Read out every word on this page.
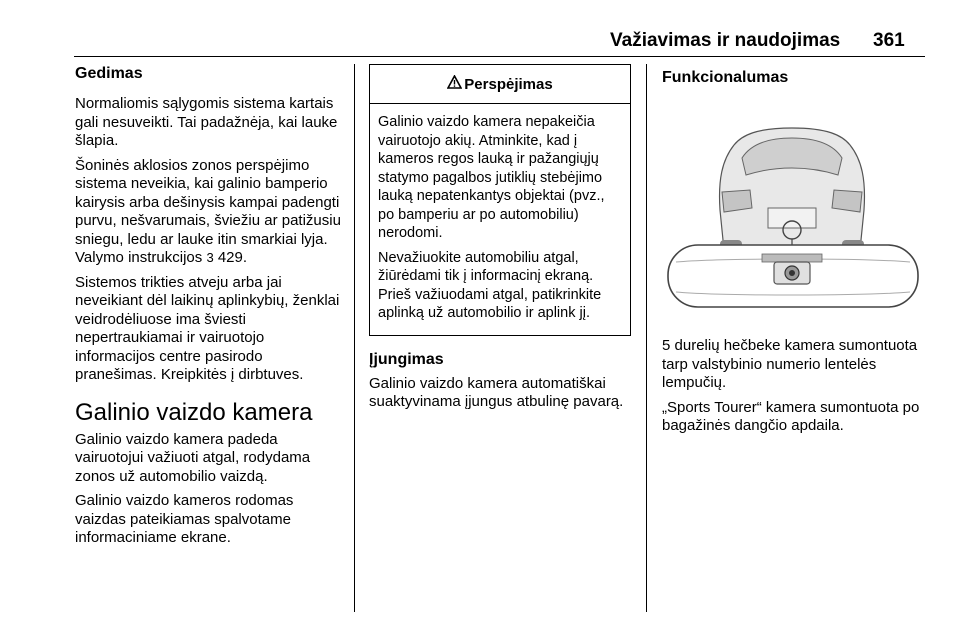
Važiavimas ir naudojimas 361
Gedimas

Normaliomis sąlygomis sistema kartais gali nesuveikti. Tai padažnėja, kai lauke šlapia.

Šoninės aklosios zonos perspėjimo sistema neveikia, kai galinio bamperio kairysis arba dešinysis kampai padengti purvu, nešvarumais, šviežiu ar patižusiu sniegu, ledu ar lauke itin smarkiai lyja. Valymo instrukcijos 3 429.

Sistemos trikties atveju arba jai neveikiant dėl laikinų aplinkybių, ženklai veidrodėliuose ima šviesti nepertraukiamai ir vairuotojo informacijos centre pasirodo pranešimas. Kreipkitės į dirbtuves.

Galinio vaizdo kamera

Galinio vaizdo kamera padeda vairuotojui važiuoti atgal, rodydama zonos už automobilio vaizdą.

Galinio vaizdo kameros rodomas vaizdas pateikiamas spalvotame informaciniame ekrane.

Perspėjimas

Galinio vaizdo kamera nepakeičia vairuotojo akių. Atminkite, kad į kameros regos lauką ir pažangiųjų statymo pagalbos jutiklių stebėjimo lauką nepatenkantys objektai (pvz., po bamperiu ar po automobiliu) nerodomi.

Nevažiuokite automobiliu atgal, žiūrėdami tik į informacinį ekraną. Prieš važiuodami atgal, patikrinkite aplinką už automobilio ir aplink jį.

Įjungimas

Galinio vaizdo kamera automatiškai suaktyvinama įjungus atbulinę pavarą.

Funkcionalumas

5 durelių hečbeke kamera sumontuota tarp valstybinio numerio lentelės lempučių.

„Sports Tourer“ kamera sumontuota po bagažinės dangčio apdaila.
